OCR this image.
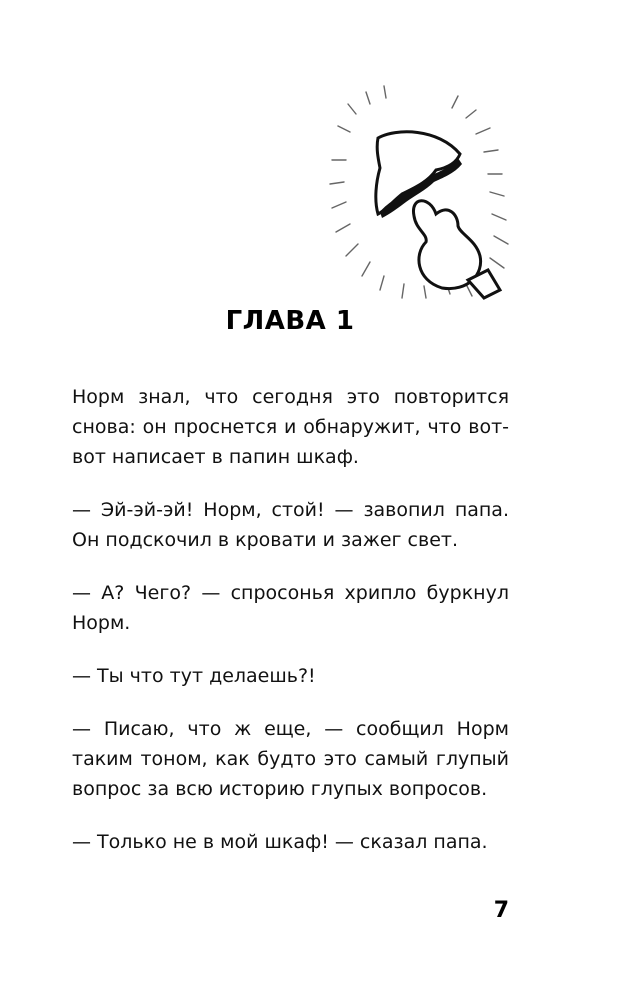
ГЛАВА 1

Норм знал, что сегодня это повторится снова: он проснется и обнаружит, что вот-вот написает в папин шкаф.

— Эй-эй-эй! Норм, стой! — завопил папа. Он подскочил в кровати и зажег свет.

— А? Чего? — спросонья хрипло буркнул Норм.

— Ты что тут делаешь?!

— Писаю, что ж еще, — сообщил Норм таким тоном, как будто это самый глупый вопрос за всю историю глупых вопросов.

— Только не в мой шкаф! — сказал папа.

7
